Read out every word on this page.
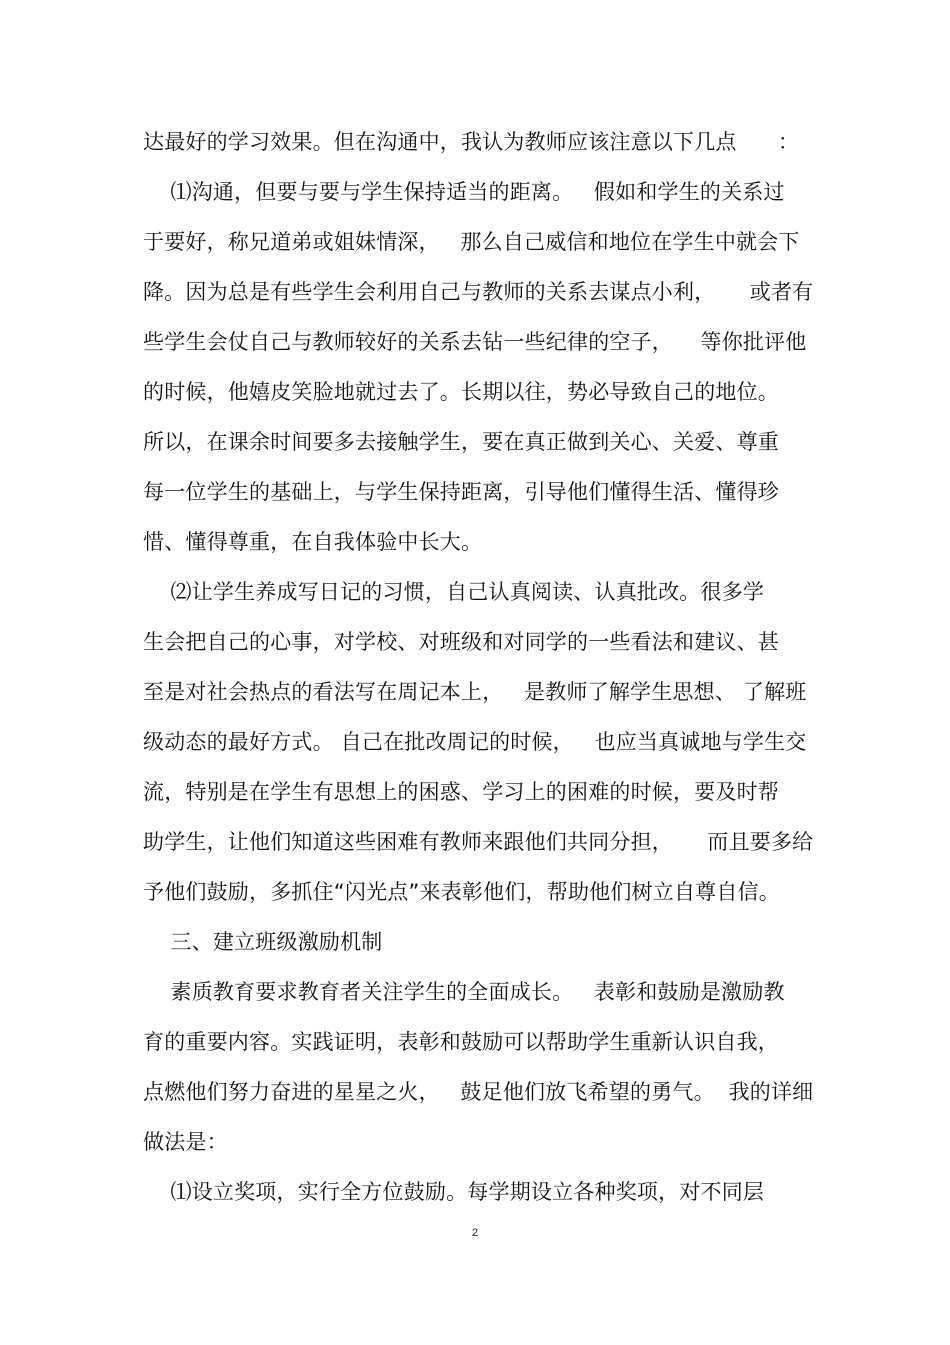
达最好的学习效果。但在沟通中，我认为教师应该注意以下几点      ：
⑴沟通，但要与要与学生保持适当的距离。   假如和学生的关系过
于要好，称兄道弟或姐妹情深，   那么自己威信和地位在学生中就会下
降。因为总是有些学生会利用自己与教师的关系去谋点小利，     或者有
些学生会仗自己与教师较好的关系去钻一些纪律的空子，    等你批评他
的时候，他嬉皮笑脸地就过去了。长期以往，势必导致自己的地位。
所以，在课余时间要多去接触学生，要在真正做到关心、关爱、尊重
每一位学生的基础上，与学生保持距离，引导他们懂得生活、懂得珍
惜、懂得尊重，在自我体验中长大。
⑵让学生养成写日记的习惯，自己认真阅读、认真批改。很多学
生会把自己的心事，对学校、对班级和对同学的一些看法和建议、甚
至是对社会热点的看法写在周记本上，   是教师了解学生思想、 了解班
级动态的最好方式。 自己在批改周记的时候，   也应当真诚地与学生交
流，特别是在学生有思想上的困惑、学习上的困难的时候，要及时帮
助学生，让他们知道这些困难有教师来跟他们共同分担，     而且要多给
予他们鼓励，多抓住“闪光点”来表彰他们，帮助他们树立自尊自信。
三、建立班级激励机制
素质教育要求教育者关注学生的全面成长。   表彰和鼓励是激励教
育的重要内容。实践证明，表彰和鼓励可以帮助学生重新认识自我，
点燃他们努力奋进的星星之火，   鼓足他们放飞希望的勇气。  我的详细
做法是：
⑴设立奖项，实行全方位鼓励。每学期设立各种奖项，对不同层
2
